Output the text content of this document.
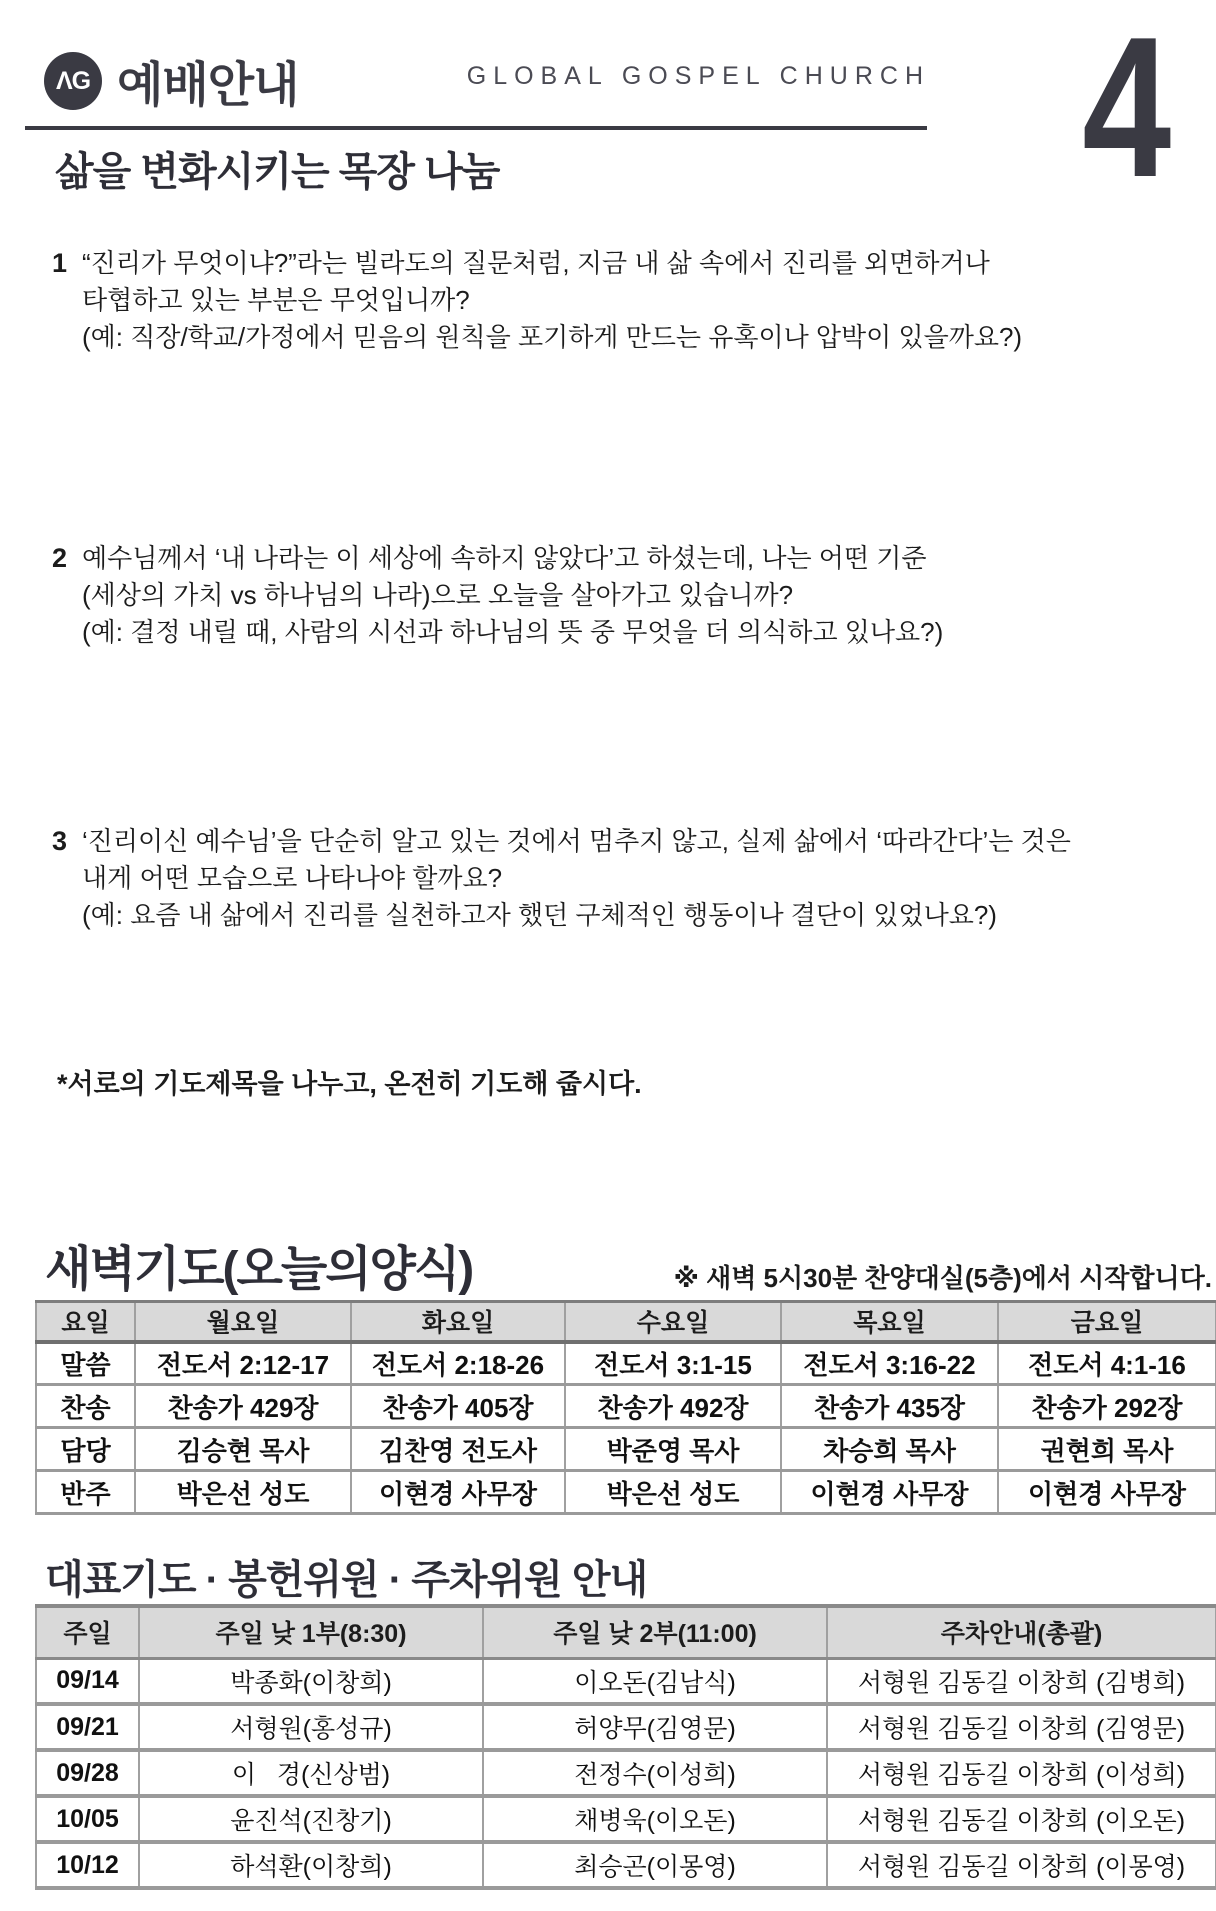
ΛG 예배안내	GLOBAL GOSPEL CHURCH 4
삶을 변화시키는 목장 나눔
1 “진리가 무엇이냐?”라는 빌라도의 질문처럼, 지금 내 삶 속에서 진리를 외면하거나
타협하고 있는 부분은 무엇입니까?
(예: 직장/학교/가정에서 믿음의 원칙을 포기하게 만드는 유혹이나 압박이 있을까요?)
2 예수님께서 ‘내 나라는 이 세상에 속하지 않았다’고 하셨는데, 나는 어떤 기준
(세상의 가치 vs 하나님의 나라)으로 오늘을 살아가고 있습니까?
(예: 결정 내릴 때, 사람의 시선과 하나님의 뜻 중 무엇을 더 의식하고 있나요?)
3 ‘진리이신 예수님’을 단순히 알고 있는 것에서 멈추지 않고, 실제 삶에서 ‘따라간다’는 것은
내게 어떤 모습으로 나타나야 할까요?
(예: 요즘 내 삶에서 진리를 실천하고자 했던 구체적인 행동이나 결단이 있었나요?)
*서로의 기도제목을 나누고, 온전히 기도해 줍시다.
새벽기도(오늘의양식)	※ 새벽 5시30분 찬양대실(5층)에서 시작합니다.
요일	월요일	화요일	수요일	목요일	금요일
말씀	전도서 2:12-17	전도서 2:18-26	전도서 3:1-15	전도서 3:16-22	전도서 4:1-16
찬송	찬송가 429장	찬송가 405장	찬송가 492장	찬송가 435장	찬송가 292장
담당	김승현 목사	김찬영 전도사	박준영 목사	차승희 목사	권현희 목사
반주	박은선 성도	이현경 사무장	박은선 성도	이현경 사무장	이현경 사무장
대표기도 · 봉헌위원 · 주차위원 안내
주일	주일 낮 1부(8:30)	주일 낮 2부(11:00)	주차안내(총괄)
09/14	박종화(이창희)	이오돈(김남식)	서형원 김동길 이창희 (김병희)
09/21	서형원(홍성규)	허양무(김영문)	서형원 김동길 이창희 (김영문)
09/28	이   경(신상범)	전정수(이성희)	서형원 김동길 이창희 (이성희)
10/05	윤진석(진창기)	채병욱(이오돈)	서형원 김동길 이창희 (이오돈)
10/12	하석환(이창희)	최승곤(이몽영)	서형원 김동길 이창희 (이몽영)
